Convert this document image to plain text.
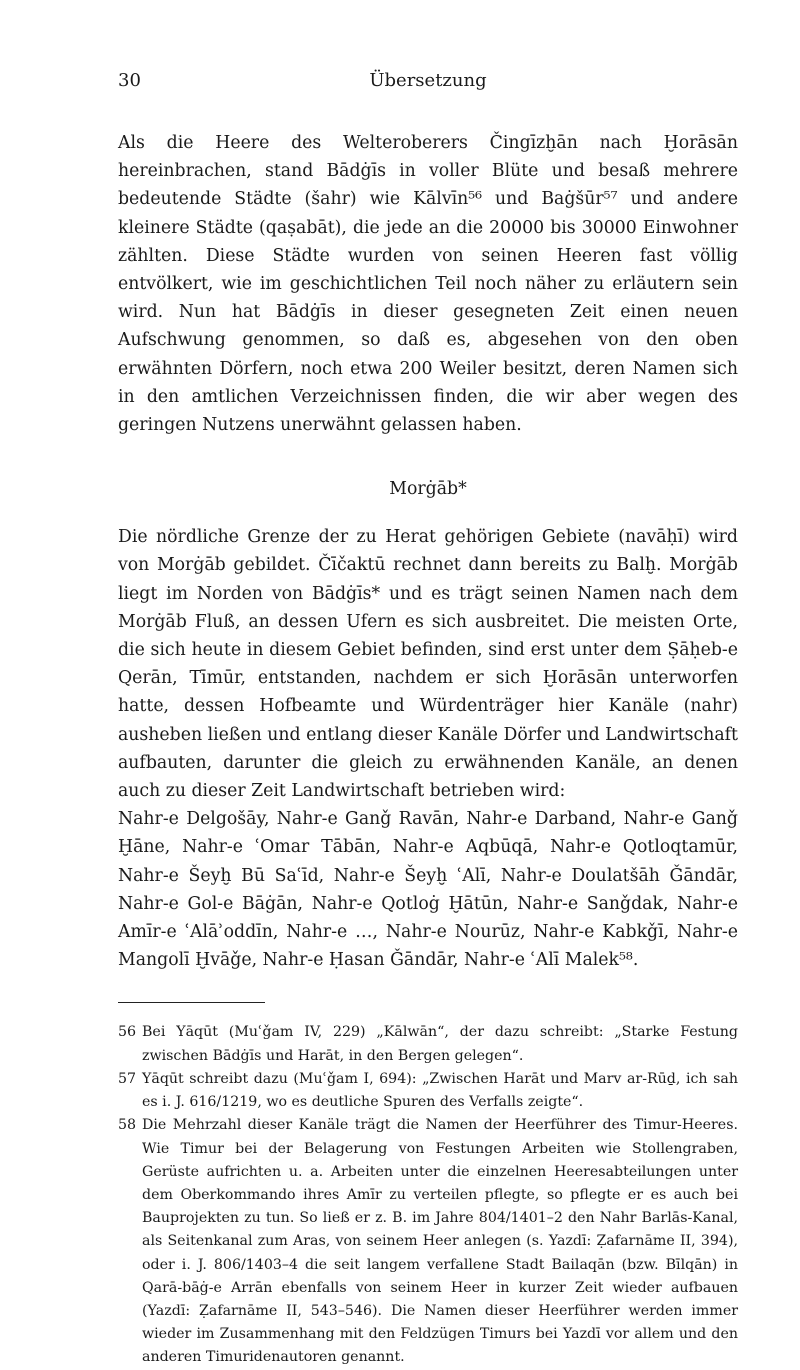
30	Übersetzung

Als die Heere des Welteroberers Čingīzḫān nach Ḫorāsān hereinbrachen, stand Bādġīs in voller Blüte und besaß mehrere bedeutende Städte (šahr) wie Kālvīn⁵⁶ und Baġšūr⁵⁷ und andere kleinere Städte (qaṣabāt), die jede an die 20000 bis 30000 Einwohner zählten. Diese Städte wurden von seinen Heeren fast völlig entvölkert, wie im geschichtlichen Teil noch näher zu erläutern sein wird. Nun hat Bādġīs in dieser gesegneten Zeit einen neuen Aufschwung genommen, so daß es, abgesehen von den oben erwähnten Dörfern, noch etwa 200 Weiler besitzt, deren Namen sich in den amtlichen Verzeichnissen finden, die wir aber wegen des geringen Nutzens unerwähnt gelassen haben.

Morġāb*

Die nördliche Grenze der zu Herat gehörigen Gebiete (navāḥī) wird von Morġāb gebildet. Čīčaktū rechnet dann bereits zu Balḫ. Morġāb liegt im Norden von Bādġīs* und es trägt seinen Namen nach dem Morġāb Fluß, an dessen Ufern es sich ausbreitet. Die meisten Orte, die sich heute in diesem Gebiet befinden, sind erst unter dem Ṣāḥeb-e Qerān, Tīmūr, entstanden, nachdem er sich Ḫorāsān unterworfen hatte, dessen Hofbeamte und Würdenträger hier Kanäle (nahr) ausheben ließen und entlang dieser Kanäle Dörfer und Landwirtschaft aufbauten, darunter die gleich zu erwähnenden Kanäle, an denen auch zu dieser Zeit Landwirtschaft betrieben wird:

Nahr-e Delgošāy, Nahr-e Ganǧ Ravān, Nahr-e Darband, Nahr-e Ganǧ Ḫāne, Nahr-e ʿOmar Tābān, Nahr-e Aqbūqā, Nahr-e Qotloqtamūr, Nahr-e Šeyḫ Bū Saʿīd, Nahr-e Šeyḫ ʿAlī, Nahr-e Doulatšāh Ǧāndār, Nahr-e Gol-e Bāġān, Nahr-e Qotloġ Ḫātūn, Nahr-e Sanǧdak, Nahr-e Amīr-e ʿAlāʾoddīn, Nahr-e …, Nahr-e Nourūz, Nahr-e Kabkǧī, Nahr-e Mangolī Ḫvāǧe, Nahr-e Ḥasan Ǧāndār, Nahr-e ʿAlī Malek⁵⁸.

56 Bei Yāqūt (Muʿǧam IV, 229) „Kālwān“, der dazu schreibt: „Starke Festung zwischen Bādġīs und Harāt, in den Bergen gelegen“.

57 Yāqūt schreibt dazu (Muʿǧam I, 694): „Zwischen Harāt und Marv ar-Rūḏ, ich sah es i. J. 616/1219, wo es deutliche Spuren des Verfalls zeigte“.

58 Die Mehrzahl dieser Kanäle trägt die Namen der Heerführer des Timur-Heeres. Wie Timur bei der Belagerung von Festungen Arbeiten wie Stollengraben, Gerüste aufrichten u. a. Arbeiten unter die einzelnen Heeresabteilungen unter dem Oberkommando ihres Amīr zu verteilen pflegte, so pflegte er es auch bei Bauprojekten zu tun. So ließ er z. B. im Jahre 804/1401–2 den Nahr Barlās-Kanal, als Seitenkanal zum Aras, von seinem Heer anlegen (s. Yazdī: Ẓafarnāme II, 394), oder i. J. 806/1403–4 die seit langem verfallene Stadt Bailaqān (bzw. Bīlqān) in Qarā-bāġ-e Arrān ebenfalls von seinem Heer in kurzer Zeit wieder aufbauen (Yazdī: Ẓafarnāme II, 543–546). Die Namen dieser Heerführer werden immer wieder im Zusammenhang mit den Feldzügen Timurs bei Yazdī vor allem und den anderen Timuridenautoren genannt.
